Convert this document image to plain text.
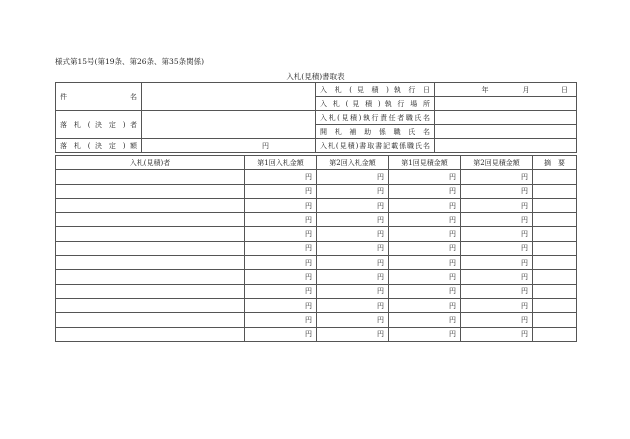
様式第15号(第19条、第26条、第35条関係)
入札(見積)書取表
件　　名		入 札 ( 見 積 ) 執 行 日	年	月	日
		入 札 ( 見 積 ) 執 行 場 所			
落 札 ( 決 定 ) 者		入札(見積)執行責任者職氏名			
		開 札 補 助 係 職 氏 名			
落 札 ( 決 定 ) 額	円	入札(見積)書取書記載係職氏名			
入札(見積)者	第1回入札金額	第2回入札金額	第1回見積金額	第2回見積金額	摘　要
	円	円	円	円	
	円	円	円	円	
	円	円	円	円	
	円	円	円	円	
	円	円	円	円	
	円	円	円	円	
	円	円	円	円	
	円	円	円	円	
	円	円	円	円	
	円	円	円	円	
	円	円	円	円	
	円	円	円	円	
